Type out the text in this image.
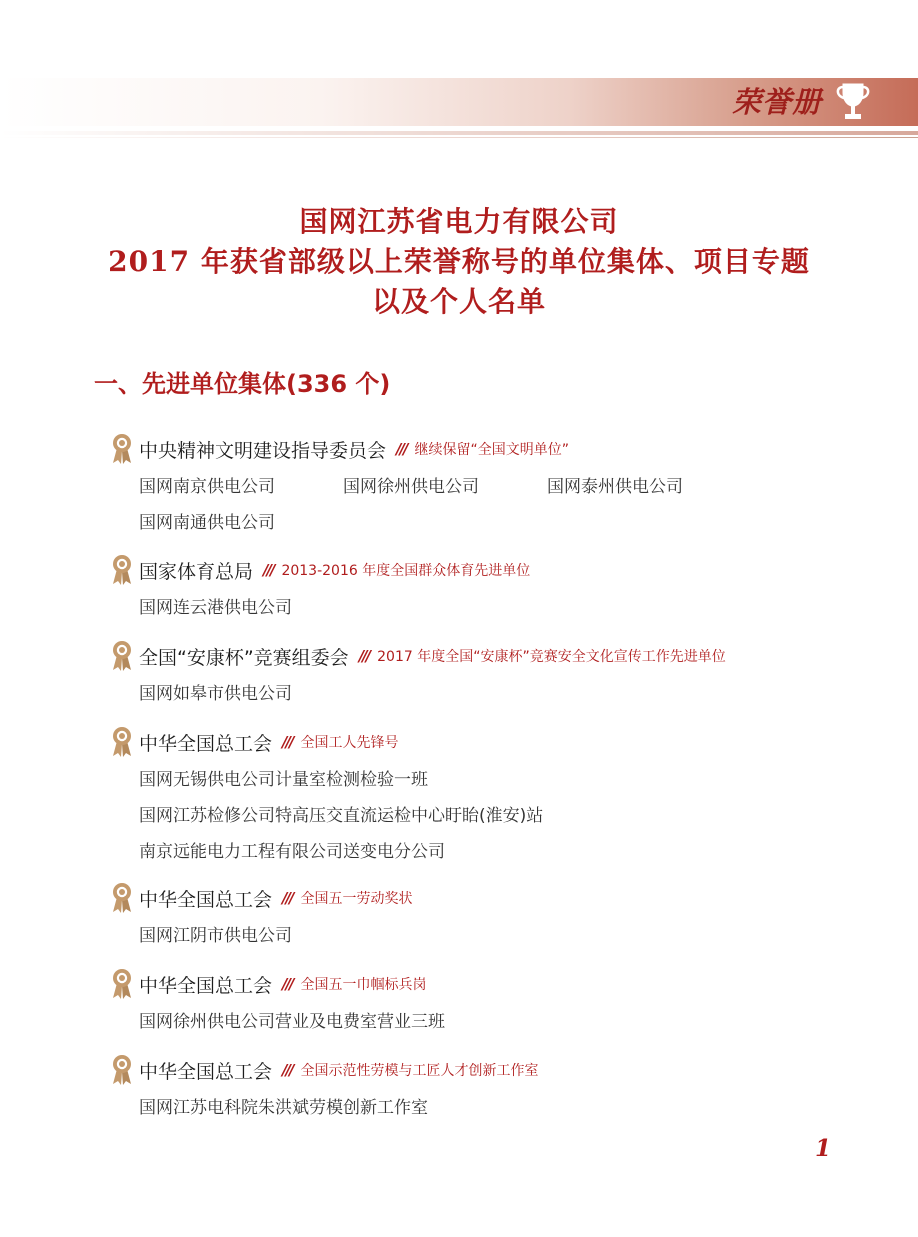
荣誉册
国网江苏省电力有限公司
2017 年获省部级以上荣誉称号的单位集体、项目专题
以及个人名单
一、先进单位集体(336 个)
中央精神文明建设指导委员会 /// 继续保留“全国文明单位”
国网南京供电公司	国网徐州供电公司	国网泰州供电公司
国网南通供电公司
国家体育总局 /// 2013-2016 年度全国群众体育先进单位
国网连云港供电公司
全国“安康杯”竞赛组委会 /// 2017 年度全国“安康杯”竞赛安全文化宣传工作先进单位
国网如皋市供电公司
中华全国总工会 /// 全国工人先锋号
国网无锡供电公司计量室检测检验一班
国网江苏检修公司特高压交直流运检中心盱眙(淮安)站
南京远能电力工程有限公司送变电分公司
中华全国总工会 /// 全国五一劳动奖状
国网江阴市供电公司
中华全国总工会 /// 全国五一巾帼标兵岗
国网徐州供电公司营业及电费室营业三班
中华全国总工会 /// 全国示范性劳模与工匠人才创新工作室
国网江苏电科院朱洪斌劳模创新工作室
1
